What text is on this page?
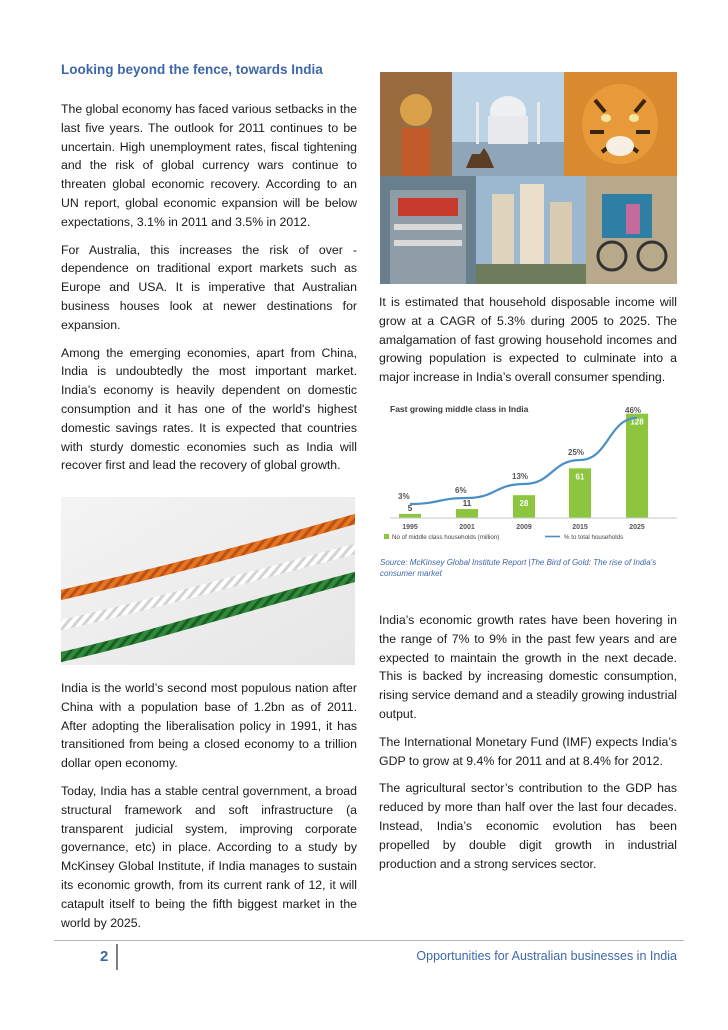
Looking beyond the fence, towards India

The global economy has faced various setbacks in the last five years. The outlook for 2011 continues to be uncertain. High unemployment rates, fiscal tightening and the risk of global currency wars continue to threaten global economic recovery. According to an UN report, global economic expansion will be below expectations, 3.1% in 2011 and 3.5% in 2012.

For Australia, this increases the risk of over - dependence on traditional export markets such as Europe and USA. It is imperative that Australian business houses look at newer destinations for expansion.

Among the emerging economies, apart from China, India is undoubtedly the most important market. India’s economy is heavily dependent on domestic consumption and it has one of the world's highest domestic savings rates. It is expected that countries with sturdy domestic economies such as India will recover first and lead the recovery of global growth.

India is the world’s second most populous nation after China with a population base of 1.2bn as of 2011. After adopting the liberalisation policy in 1991, it has transitioned from being a closed economy to a trillion dollar open economy.

Today, India has a stable central government, a broad structural framework and soft infrastructure (a transparent judicial system, improving corporate governance, etc) in place. According to a study by McKinsey Global Institute, if India manages to sustain its economic growth, from its current rank of 12, it will catapult itself to being the fifth biggest market in the world by 2025.

It is estimated that household disposable income will grow at a CAGR of 5.3% during 2005 to 2025. The amalgamation of fast growing household incomes and growing population is expected to culminate into a major increase in India’s overall consumer spending.

Fast growing middle class in India
5
11	28
61
128
1995	2001	2009	2015	2025
3%
6%
13%
25%
46%
No of middle class households (million)	% to total households
Source: McKinsey Global Institute Report |The Bird of Gold: The rise of India’s consumer market

India’s economic growth rates have been hovering in the range of 7% to 9% in the past few years and are expected to maintain the growth in the next decade. This is backed by increasing domestic consumption, rising service demand and a steadily growing industrial output.

The International Monetary Fund (IMF) expects India’s GDP to grow at 9.4% for 2011 and at 8.4% for 2012.

The agricultural sector’s contribution to the GDP has reduced by more than half over the last four decades. Instead, India’s economic evolution has been propelled by double digit growth in industrial production and a strong services sector.

2	Opportunities for Australian businesses in India
